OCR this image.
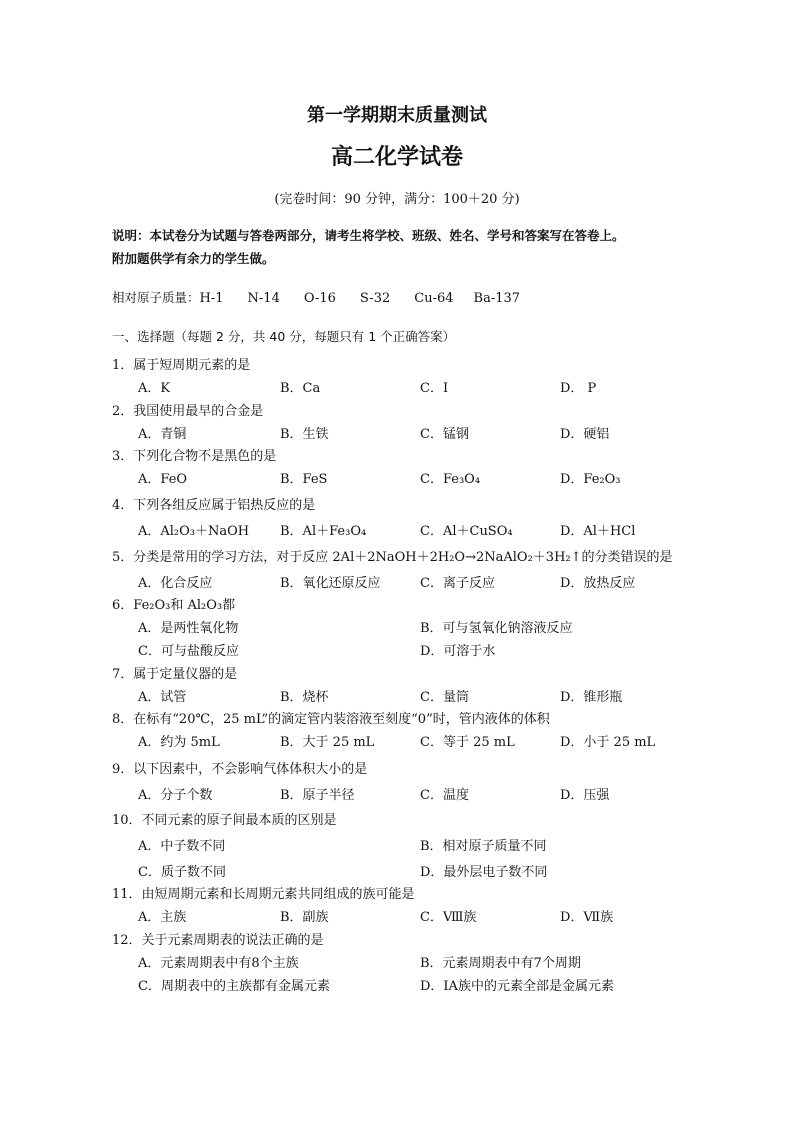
第一学期期末质量测试
高二化学试卷
(完卷时间：90 分钟，满分：100＋20 分)
说明：本试卷分为试题与答卷两部分，请考生将学校、班级、姓名、学号和答案写在答卷上。
附加题供学有余力的学生做。
相对原子质量：H-1 N-14 O-16 S-32 Cu-64 Ba-137
一、选择题（每题 2 分，共 40 分，每题只有 1 个正确答案）
1．属于短周期元素的是
A．K	B．Ca	C．I	D． P
2．我国使用最早的合金是
A．青铜	B．生铁	C．锰钢	D．硬铝
3．下列化合物不是黑色的是
A．FeO	B．FeS	C．Fe₃O₄	D．Fe₂O₃
4．下列各组反应属于铝热反应的是
A．Al₂O₃＋NaOH B．Al＋Fe₃O₄	C．Al＋CuSO₄	D．Al＋HCl
5．分类是常用的学习方法，对于反应 2Al＋2NaOH＋2H₂O→2NaAlO₂＋3H₂↑的分类错误的是
A．化合反应	B．氧化还原反应	C．离子反应	D．放热反应
6．Fe₂O₃和 Al₂O₃都
A．是两性氧化物	B．可与氢氧化钠溶液反应
C．可与盐酸反应	D．可溶于水
7．属于定量仪器的是
A．试管	B．烧杯	C．量筒	D．锥形瓶
8．在标有“20℃，25 mL”的滴定管内装溶液至刻度“0”时，管内液体的体积
A．约为 5mL	B．大于 25 mL	C．等于 25 mL	D．小于 25 mL
9．以下因素中，不会影响气体体积大小的是
A．分子个数	B．原子半径	C．温度	D．压强
10．不同元素的原子间最本质的区别是
A．中子数不同	B．相对原子质量不同
C．质子数不同	D．最外层电子数不同
11．由短周期元素和长周期元素共同组成的族可能是
A．主族	B．副族	C．Ⅷ族	D．Ⅶ族
12．关于元素周期表的说法正确的是
A．元素周期表中有8个主族	B．元素周期表中有7个周期
C．周期表中的主族都有金属元素	D．IA族中的元素全部是金属元素
